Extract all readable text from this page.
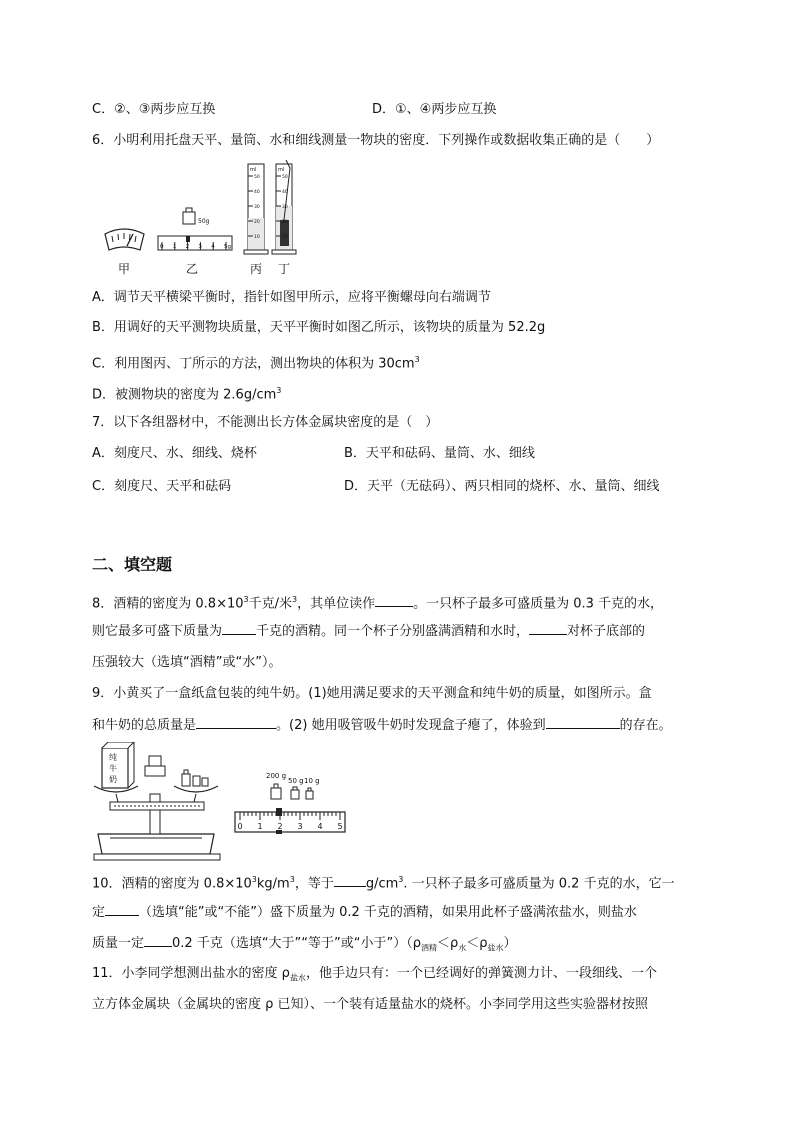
C．②、③两步应互换	D．①、④两步应互换
6．小明利用托盘天平、量筒、水和细线测量一物块的密度．下列操作或数据收集正确的是（　　）
甲
50g
0 1 2 3 4 5g
乙
ml
50
40
30
20
10
丙
ml
50
40
30
20
10
丁
A．调节天平横梁平衡时，指针如图甲所示，应将平衡螺母向右端调节
B．用调好的天平测物块质量，天平平衡时如图乙所示，该物块的质量为 52.2g
C．利用图丙、丁所示的方法，测出物块的体积为 $30cm^3$
D．被测物块的密度为 $2.6g/cm^3$
7．以下各组器材中，不能测出长方体金属块密度的是（　）
A．刻度尺、水、细线、烧杯	B．天平和砝码、量筒、水、细线
C．刻度尺、天平和砝码	D．天平（无砝码）、两只相同的烧杯、水、量筒、细线
二、填空题
8．酒精的密度为 $0.8\times 10^3$千克/米$^3$，其单位读作	。一只杯子最多可盛质量为 0.3 千克的水，
则它最多可盛下质量为	千克的酒精。同一个杯子分别盛满酒精和水时，	对杯子底部的
压强较大（选填“酒精”或“水”）。
9．小黄买了一盒纸盒包装的纯牛奶。(1)她用满足要求的天平测盒和纯牛奶的质量，如图所示。盒
和牛奶的总质量是	。(2) 她用吸管吸牛奶时发现盒子瘪了，体验到	的存在。
纯
牛
奶	200 g
50 g 10 g
0 1 2 3 4 5
10．酒精的密度为 $0.8\times 10^3kg/m^3$，等于 $g/cm^3$. 一只杯子最多可盛质量为 0.2 千克的水，它一
定	（选填“能”或“不能”）盛下质量为 0.2 千克的酒精，如果用此杯子盛满浓盐水，则盐水
质量一定 0.2 千克（选填“大于”“等于”或“小于$”)(\rho_{酒精}<\rho_水<\rho_{盐水})$
11．小李同学想测出盐水的密度 $\rho_{盐水}$，他手边只有：一个已经调好的弹簧测力计、一段细线、一个
立方体金属块（金属块的密度 ρ 已知）、一个装有适量盐水的烧杯。小李同学用这些实验器材按照
